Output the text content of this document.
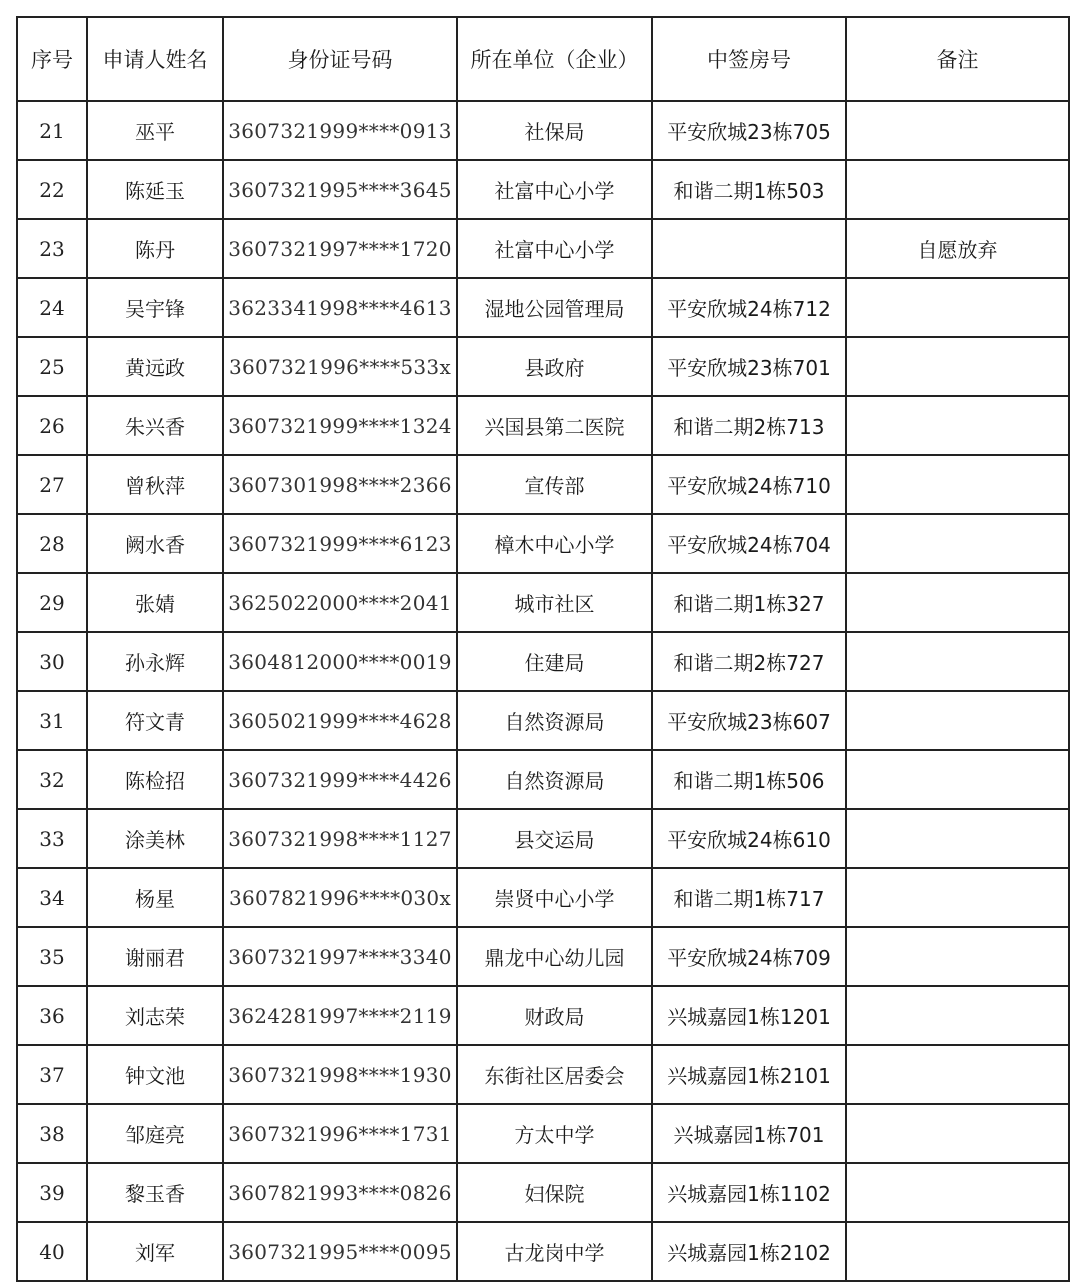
序号	申请人姓名	身份证号码	所在单位（企业）	中签房号	备注
21	巫平	3607321999****0913	社保局	平安欣城23栋705	
22	陈延玉	3607321995****3645	社富中心小学	和谐二期1栋503	
23	陈丹	3607321997****1720	社富中心小学		自愿放弃
24	吴宇锋	3623341998****4613	湿地公园管理局	平安欣城24栋712	
25	黄远政	3607321996****533x	县政府	平安欣城23栋701	
26	朱兴香	3607321999****1324	兴国县第二医院	和谐二期2栋713	
27	曾秋萍	3607301998****2366	宣传部	平安欣城24栋710	
28	阙水香	3607321999****6123	樟木中心小学	平安欣城24栋704	
29	张婧	3625022000****2041	城市社区	和谐二期1栋327	
30	孙永辉	3604812000****0019	住建局	和谐二期2栋727	
31	符文青	3605021999****4628	自然资源局	平安欣城23栋607	
32	陈检招	3607321999****4426	自然资源局	和谐二期1栋506	
33	涂美林	3607321998****1127	县交运局	平安欣城24栋610	
34	杨星	3607821996****030x	崇贤中心小学	和谐二期1栋717	
35	谢丽君	3607321997****3340	鼎龙中心幼儿园	平安欣城24栋709	
36	刘志荣	3624281997****2119	财政局	兴城嘉园1栋1201	
37	钟文池	3607321998****1930	东街社区居委会	兴城嘉园1栋2101	
38	邹庭亮	3607321996****1731	方太中学	兴城嘉园1栋701	
39	黎玉香	3607821993****0826	妇保院	兴城嘉园1栋1102	
40	刘军	3607321995****0095	古龙岗中学	兴城嘉园1栋2102	
